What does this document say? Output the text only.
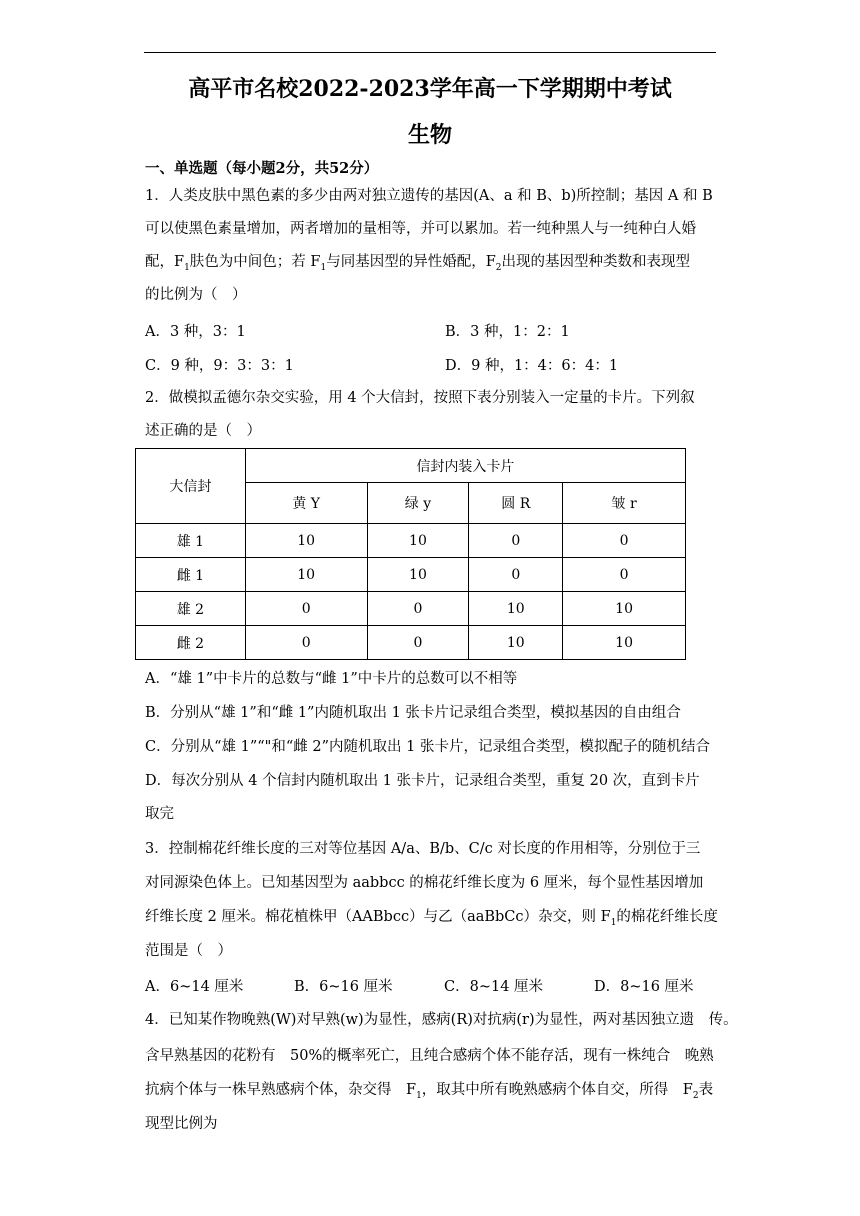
高平市名校2022-2023学年高一下学期期中考试
生物
一、单选题（每小题2分，共52分）
1．人类皮肤中黑色素的多少由两对独立遗传的基因(A、a 和 B、b)所控制；基因 A 和 B
可以使黑色素量增加，两者增加的量相等，并可以累加。若一纯种黑人与一纯种白人婚
配，$F_1$肤色为中间色；若 $F_1$与同基因型的异性婚配，$F_2$出现的基因型种类数和表现型
的比例为（　）
A．3 种，3：1	B．3 种，1：2：1
C．9 种，9：3：3：1	D．9 种，1：4：6：4：1
2．做模拟孟德尔杂交实验，用 4 个大信封，按照下表分别装入一定量的卡片。下列叙
述正确的是（　）
大信封	信封内装入卡片			
	黄 Y	绿 y	圆 R	皱 r
雄 1	10	10	0	0
雌 1	10	10	0	0
雄 2	0	0	10	10
雌 2	0	0	10	10
A．“雄 1”中卡片的总数与“雌 1”中卡片的总数可以不相等
B．分别从“雄 1”和“雌 1”内随机取出 1 张卡片记录组合类型，模拟基因的自由组合
C．分别从“雄 1”“"和“雌 2”内随机取出 1 张卡片，记录组合类型，模拟配子的随机结合
D．每次分别从 4 个信封内随机取出 1 张卡片，记录组合类型，重复 20 次，直到卡片
取完
3．控制棉花纤维长度的三对等位基因 A/a、B/b、C/c 对长度的作用相等，分别位于三
对同源染色体上。已知基因型为 aabbcc 的棉花纤维长度为 6 厘米，每个显性基因增加
纤维长度 2 厘米。棉花植株甲（AABbcc）与乙（aaBbCc）杂交，则 $F_1$的棉花纤维长度
范围是（　）
A．6~14 厘米	B．6~16 厘米	C．8~14 厘米	D．8~16 厘米
4．已知某作物晚熟(W)对早熟(w)为显性，感病(R)对抗病(r)为显性，两对基因独立遗　传。
含早熟基因的花粉有　50%的概率死亡，且纯合感病个体不能存活，现有一株纯合　晚熟
抗病个体与一株早熟感病个体，杂交得　$F_1$，取其中所有晚熟感病个体自交，所得　$F_2$表
现型比例为
